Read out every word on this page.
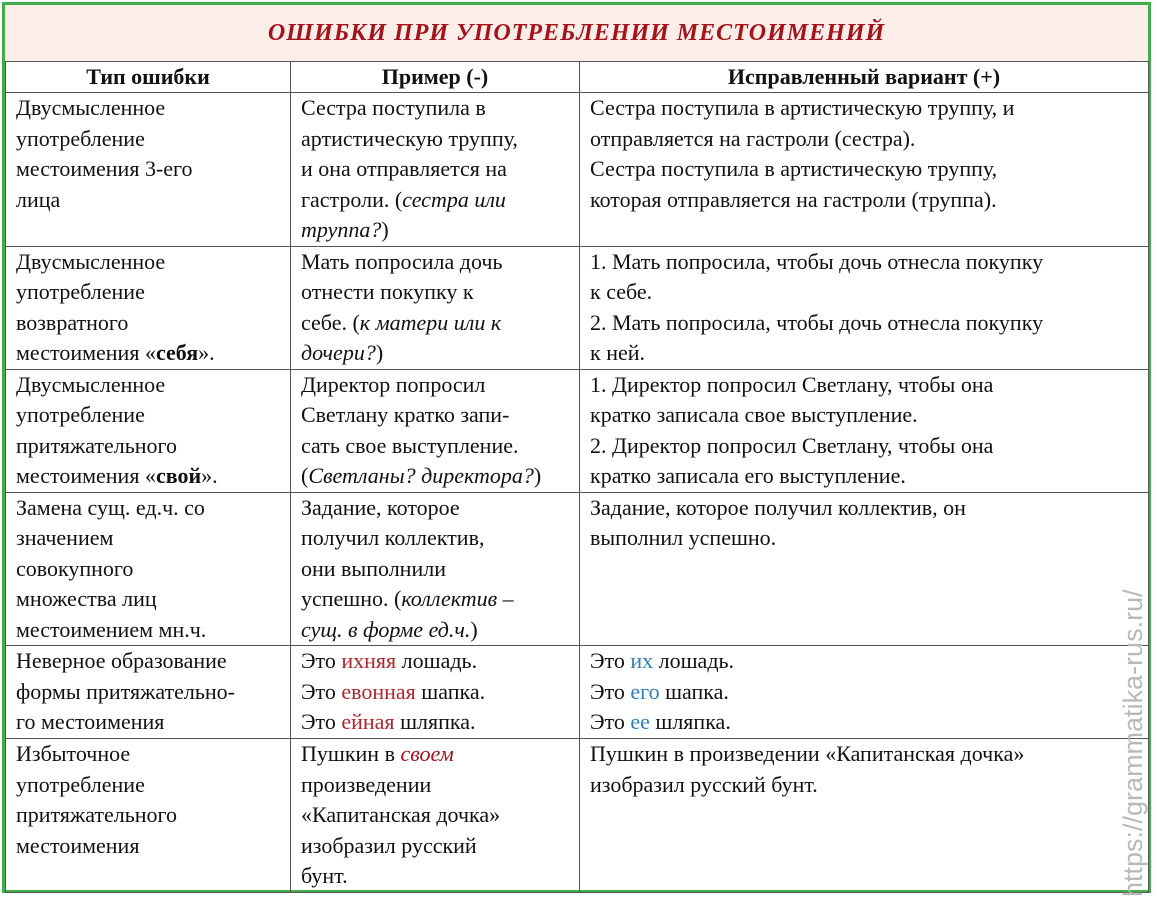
ОШИБКИ ПРИ УПОТРЕБЛЕНИИ МЕСТОИМЕНИЙ
Тип ошибки	Пример (-)	Исправленный вариант (+)

Двусмысленное
употребление
местоимения 3-его
лица	Сестра поступила в
артистическую труппу,
и она отправляется на
гастроли. (сестра или
труппа?)	Сестра поступила в артистическую труппу, и
отправляется на гастроли (сестра).
Сестра поступила в артистическую труппу,
которая отправляется на гастроли (труппа).

Двусмысленное
употребление
возвратного
местоимения «себя».	Мать попросила дочь
отнести покупку к
себе. (к матери или к
дочери?)	1. Мать попросила, чтобы дочь отнесла покупку
к себе.
2. Мать попросила, чтобы дочь отнесла покупку
к ней.

Двусмысленное
употребление
притяжательного
местоимения «свой».	Директор попросил
Светлану кратко запи-
сать свое выступление.
(Светланы? директора?)	1. Директор попросил Светлану, чтобы она
кратко записала свое выступление.
2. Директор попросил Светлану, чтобы она
кратко записала его выступление.

Замена сущ. ед.ч. со
значением
совокупного
множества лиц
местоимением мн.ч.	Задание, которое
получил коллектив,
они выполнили
успешно. (коллектив –
сущ. в форме ед.ч.)	Задание, которое получил коллектив, он
выполнил успешно.

Неверное образование
формы притяжательно-
го местоимения	Это ихняя лошадь.
Это евонная шапка.
Это ейная шляпка.	Это их лошадь.
Это его шапка.
Это ее шляпка.

Избыточное
употребление
притяжательного
местоимения	Пушкин в своем
произведении
«Капитанская дочка»
изобразил русский
бунт.	Пушкин в произведении «Капитанская дочка»
изобразил русский бунт.	https://grammatika-rus.ru/
